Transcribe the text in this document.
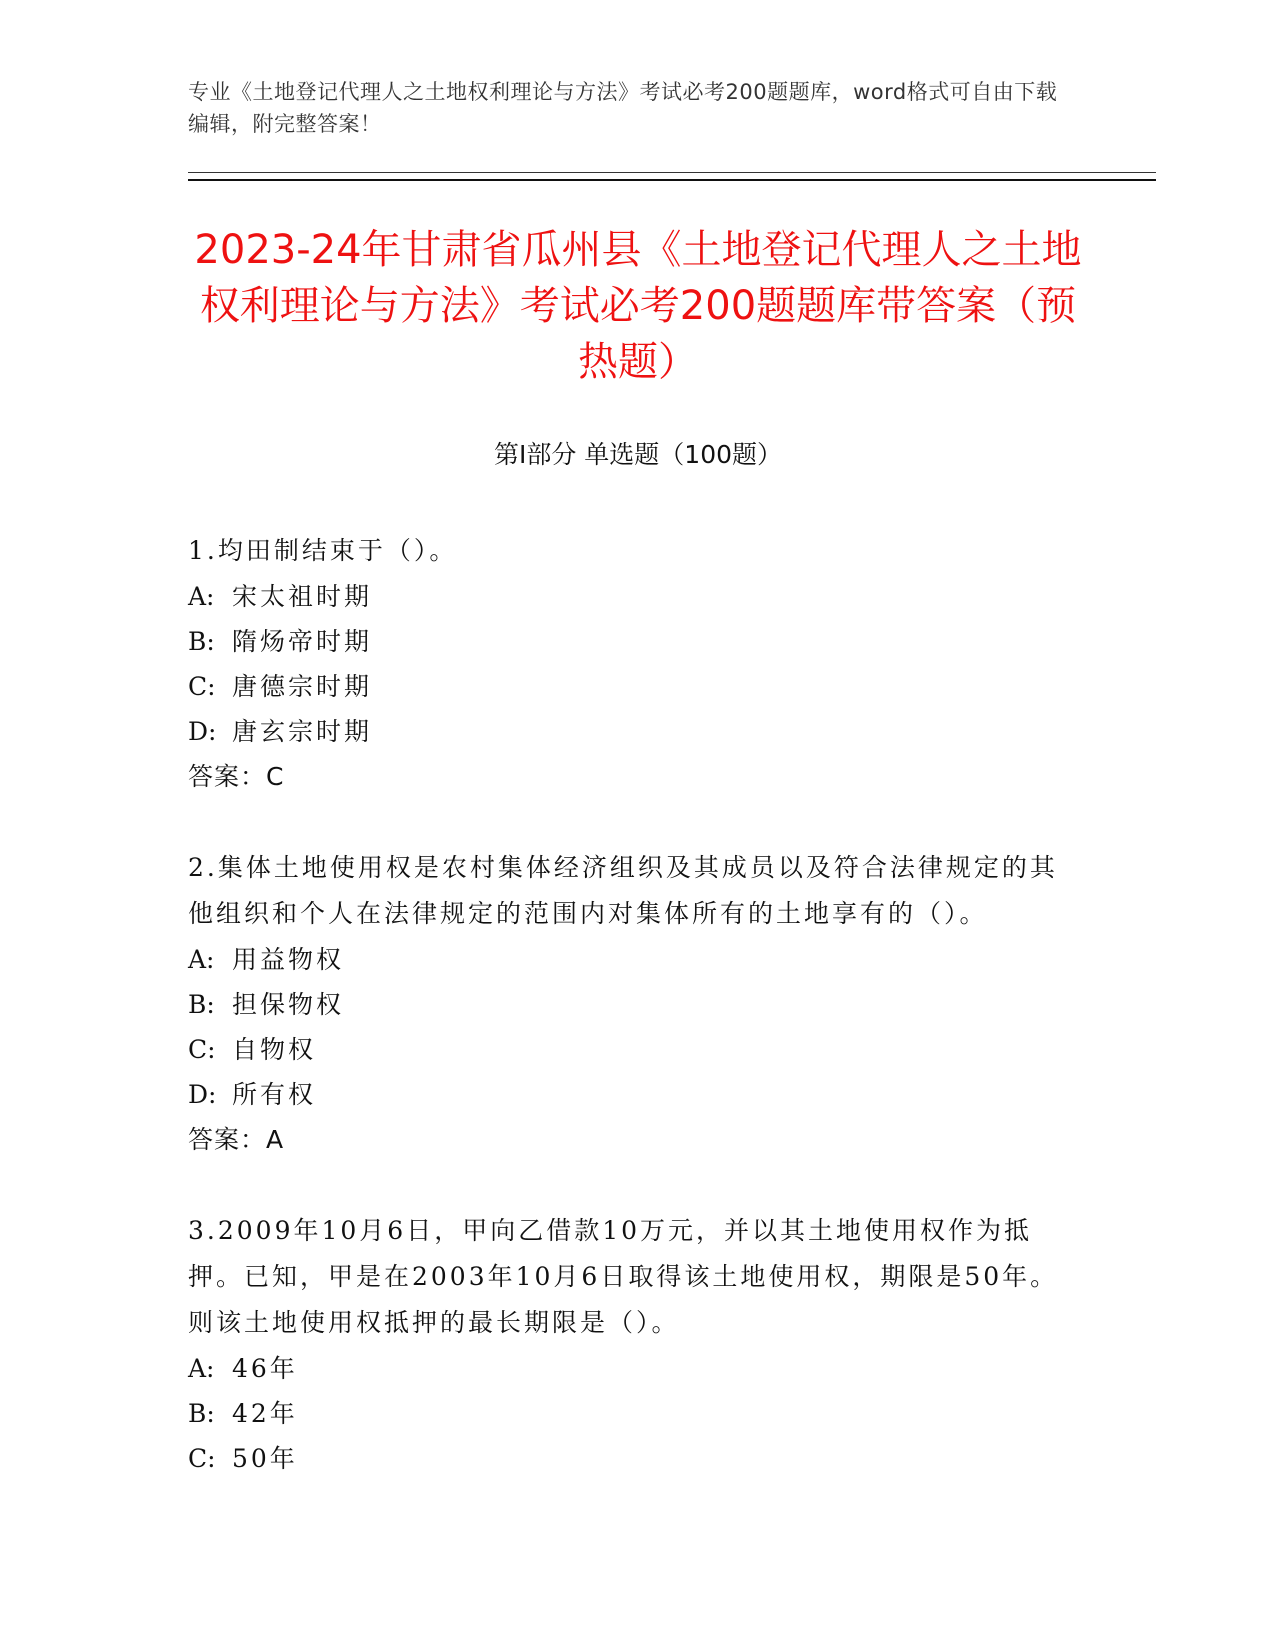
专业《土地登记代理人之土地权利理论与方法》考试必考200题题库，word格式可自由下载编辑，附完整答案！
2023-24年甘肃省瓜州县《土地登记代理人之土地权利理论与方法》考试必考200题题库带答案（预热题）
第I部分 单选题（100题）

1.均田制结束于（）。

A: 宋太祖时期

B: 隋炀帝时期

C: 唐德宗时期

D: 唐玄宗时期

答案：C

2.集体土地使用权是农村集体经济组织及其成员以及符合法律规定的其他组织和个人在法律规定的范围内对集体所有的土地享有的（）。

A: 用益物权

B: 担保物权

C: 自物权

D: 所有权

答案：A

3.2009年10月6日，甲向乙借款10万元，并以其土地使用权作为抵押。已知，甲是在2003年10月6日取得该土地使用权，期限是50年。则该土地使用权抵押的最长期限是（）。

A: 46年

B: 42年

C: 50年
